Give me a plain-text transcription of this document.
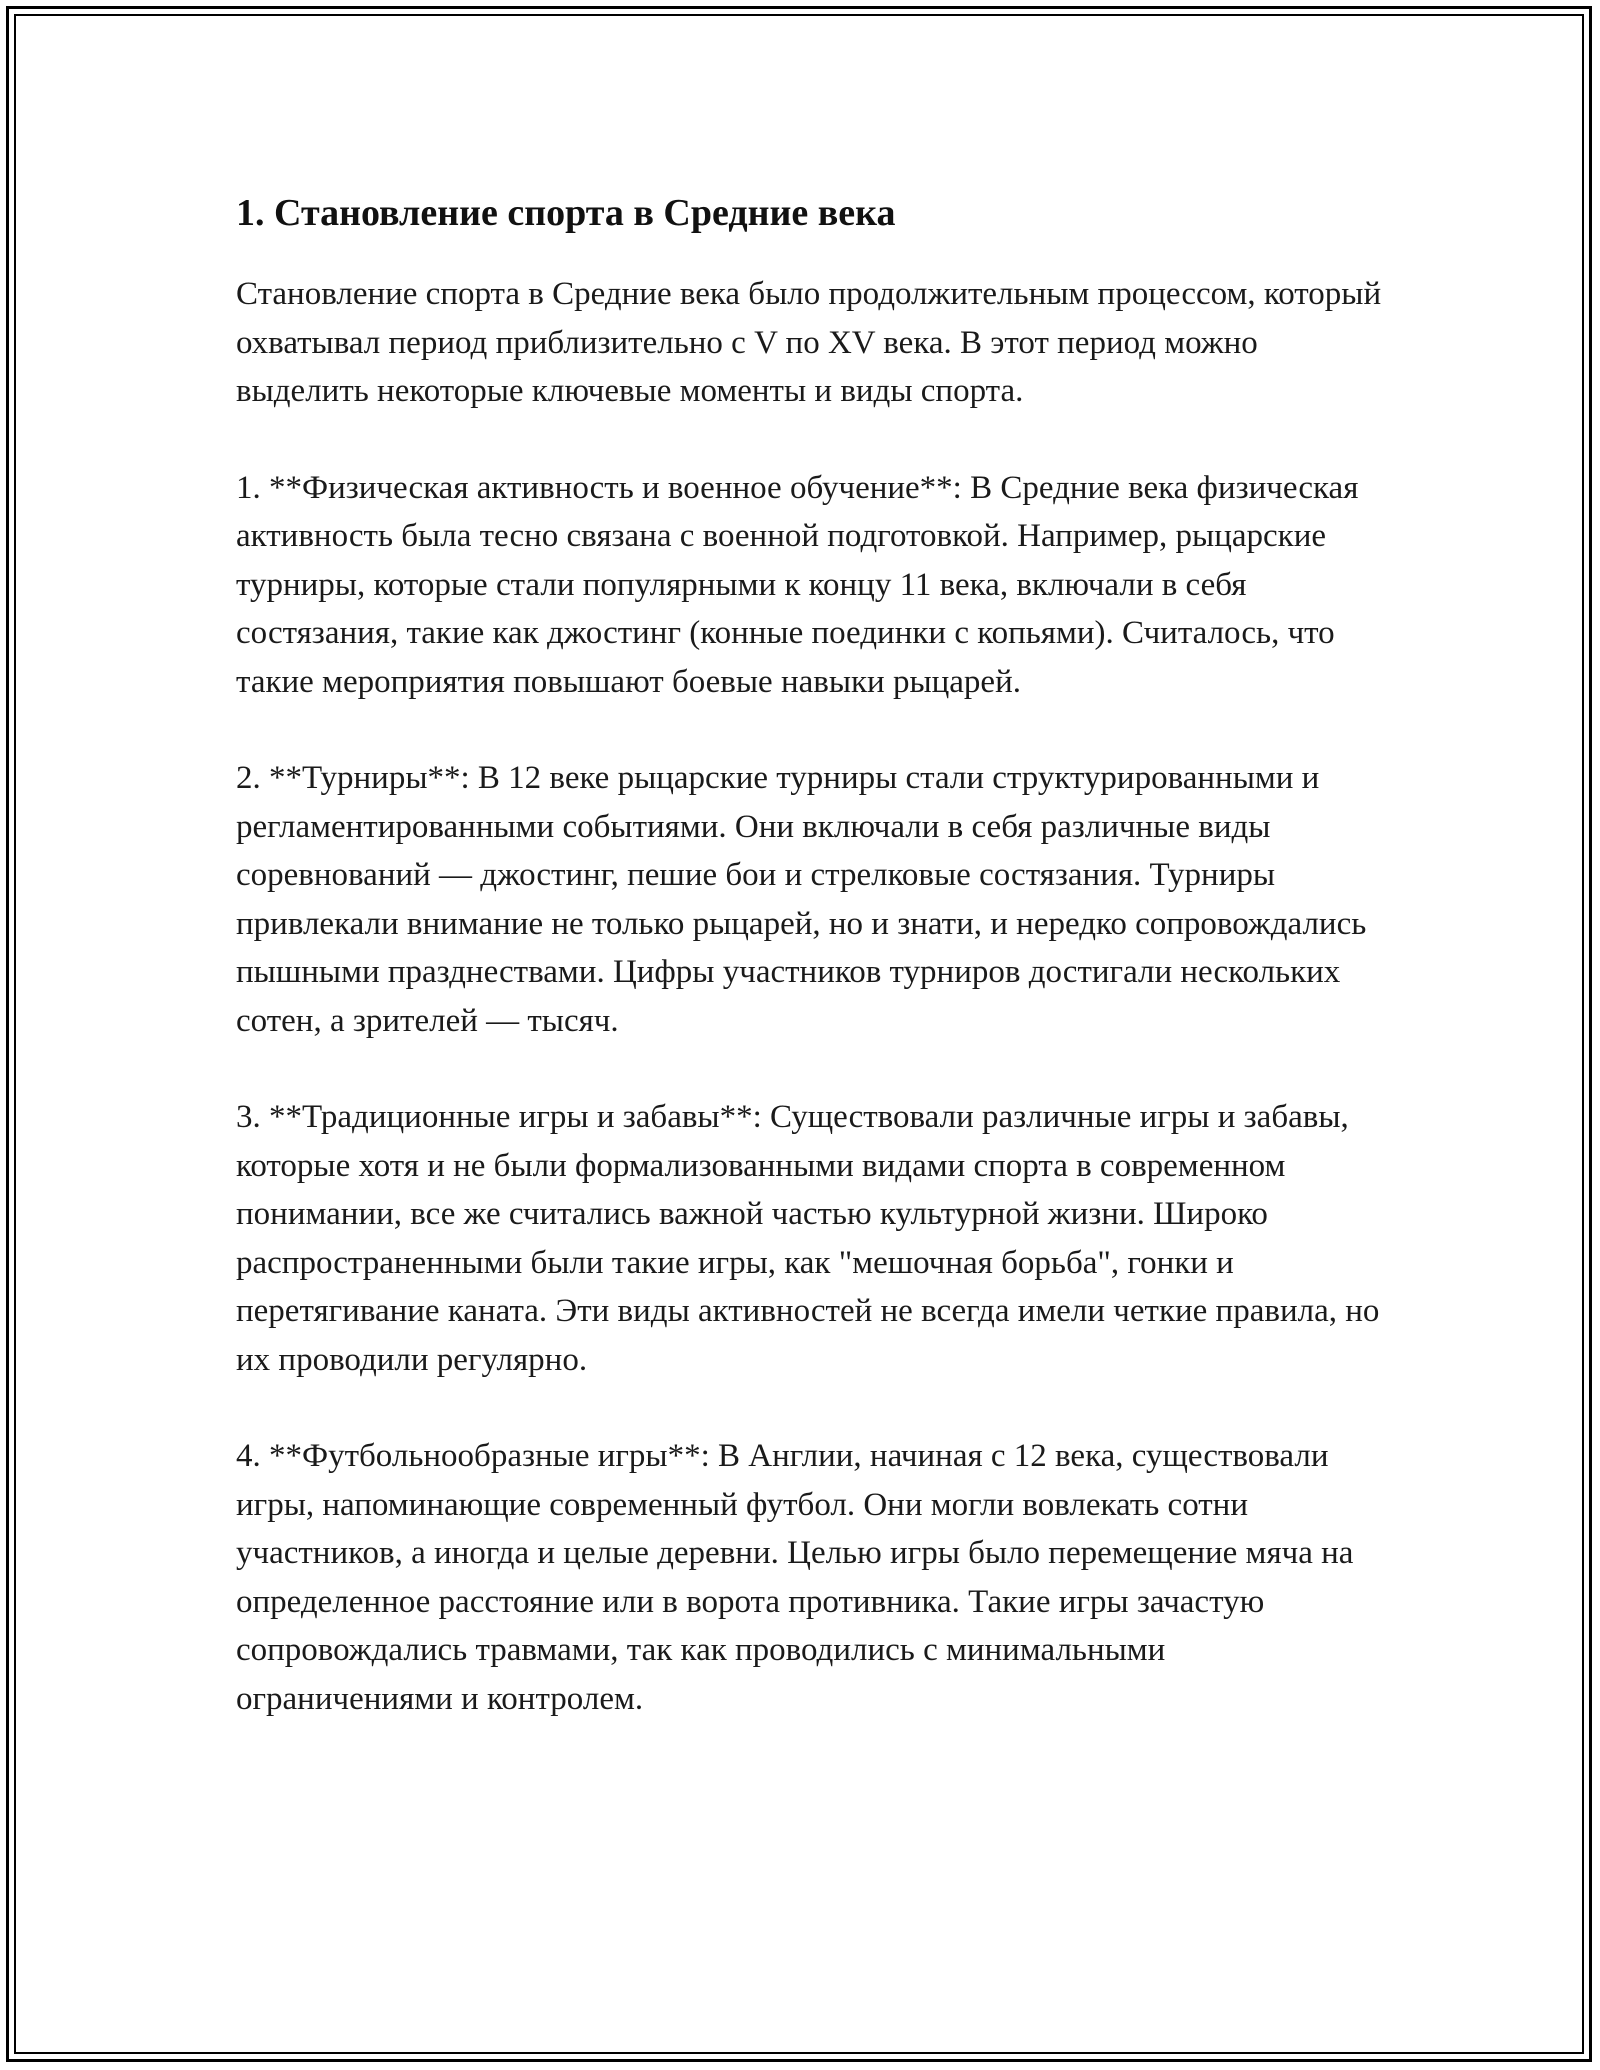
1. Становление спорта в Средние века

Становление спорта в Средние века было продолжительным процессом, который охватывал период приблизительно с V по XV века. В этот период можно выделить некоторые ключевые моменты и виды спорта.

1. **Физическая активность и военное обучение**: В Средние века физическая активность была тесно связана с военной подготовкой. Например, рыцарские турниры, которые стали популярными к концу 11 века, включали в себя состязания, такие как джостинг (конные поединки с копьями). Считалось, что такие мероприятия повышают боевые навыки рыцарей.

2. **Турниры**: В 12 веке рыцарские турниры стали структурированными и регламентированными событиями. Они включали в себя различные виды соревнований — джостинг, пешие бои и стрелковые состязания. Турниры привлекали внимание не только рыцарей, но и знати, и нередко сопровождались пышными празднествами. Цифры участников турниров достигали нескольких сотен, а зрителей — тысяч.

3. **Традиционные игры и забавы**: Существовали различные игры и забавы, которые хотя и не были формализованными видами спорта в современном понимании, все же считались важной частью культурной жизни. Широко распространенными были такие игры, как "мешочная борьба", гонки и перетягивание каната. Эти виды активностей не всегда имели четкие правила, но их проводили регулярно.

4. **Футбольнообразные игры**: В Англии, начиная с 12 века, существовали игры, напоминающие современный футбол. Они могли вовлекать сотни участников, а иногда и целые деревни. Целью игры было перемещение мяча на определенное расстояние или в ворота противника. Такие игры зачастую сопровождались травмами, так как проводились с минимальными ограничениями и контролем.
